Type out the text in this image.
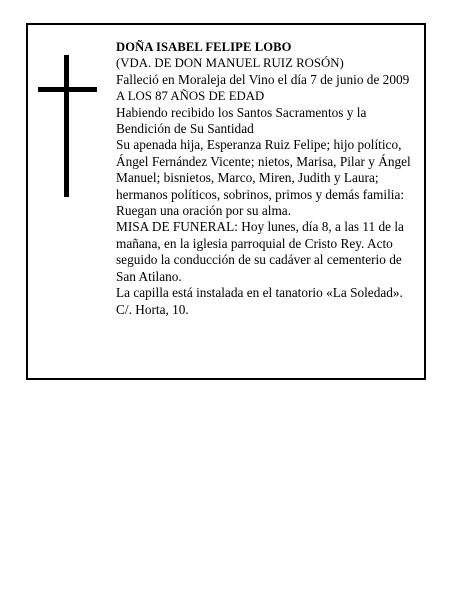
DOÑA ISABEL FELIPE LOBO

(VDA. DE DON MANUEL RUIZ ROSÓN)

Falleció en Moraleja del Vino el día 7 de junio de 2009

A LOS 87 AÑOS DE EDAD

Habiendo recibido los Santos Sacramentos y la Bendición de Su Santidad

Su apenada hija, Esperanza Ruiz Felipe; hijo político, Ángel Fernández Vicente; nietos, Marisa, Pilar y Ángel Manuel; bisnietos, Marco, Miren, Judith y Laura; hermanos políticos, sobrinos, primos y demás familia:

Ruegan una oración por su alma.

MISA DE FUNERAL: Hoy lunes, día 8, a las 11 de la mañana, en la iglesia parroquial de Cristo Rey. Acto seguido la conducción de su cadáver al cementerio de San Atilano.

La capilla está instalada en el tanatorio «La Soledad». C/. Horta, 10.
